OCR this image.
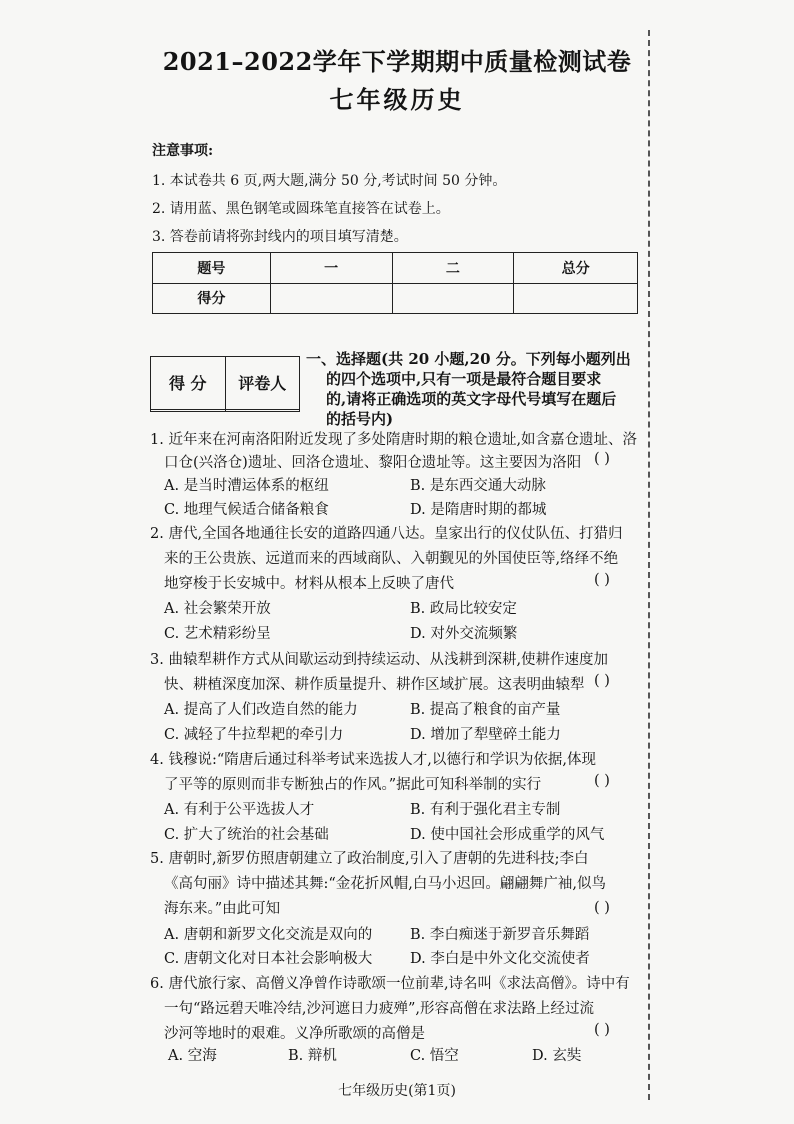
2021–2022学年下学期期中质量检测试卷
七年级历史
注意事项:
1. 本试卷共 6 页,两大题,满分 50 分,考试时间 50 分钟。
2. 请用蓝、黑色钢笔或圆珠笔直接答在试卷上。
3. 答卷前请将弥封线内的项目填写清楚。
题号	一	二	总分
得分			
得 分	评卷人

一、选择题(共 20 小题,20 分。下列每小题列出
的四个选项中,只有一项是最符合题目要求
的,请将正确选项的英文字母代号填写在题后
的括号内)
1. 近年来在河南洛阳附近发现了多处隋唐时期的粮仓遗址,如含嘉仓遗址、洛
口仓(兴洛仓)遗址、回洛仓遗址、黎阳仓遗址等。这主要因为洛阳 ( )
A. 是当时漕运体系的枢纽	B. 是东西交通大动脉
C. 地理气候适合储备粮食	D. 是隋唐时期的都城
2. 唐代,全国各地通往长安的道路四通八达。皇家出行的仪仗队伍、打猎归
来的王公贵族、远道而来的西域商队、入朝觐见的外国使臣等,络绎不绝
地穿梭于长安城中。材料从根本上反映了唐代	( )
A. 社会繁荣开放	B. 政局比较安定
C. 艺术精彩纷呈	D. 对外交流频繁
3. 曲辕犁耕作方式从间歇运动到持续运动、从浅耕到深耕,使耕作速度加
快、耕植深度加深、耕作质量提升、耕作区域扩展。这表明曲辕犁 ( )
A. 提高了人们改造自然的能力	B. 提高了粮食的亩产量
C. 减轻了牛拉犁耙的牵引力	D. 增加了犁壁碎土能力
4. 钱穆说:“隋唐后通过科举考试来选拔人才,以德行和学识为依据,体现
了平等的原则而非专断独占的作风。”据此可知科举制的实行	( )
A. 有利于公平选拔人才	B. 有利于强化君主专制
C. 扩大了统治的社会基础	D. 使中国社会形成重学的风气
5. 唐朝时,新罗仿照唐朝建立了政治制度,引入了唐朝的先进科技;李白
《高句丽》诗中描述其舞:“金花折风帽,白马小迟回。翩翩舞广袖,似鸟
海东来。”由此可知	( )
A. 唐朝和新罗文化交流是双向的	B. 李白痴迷于新罗音乐舞蹈
C. 唐朝文化对日本社会影响极大	D. 李白是中外文化交流使者
6. 唐代旅行家、高僧义净曾作诗歌颂一位前辈,诗名叫《求法高僧》。诗中有
一句“路远碧天唯冷结,沙河遮日力疲殚”,形容高僧在求法路上经过流
沙河等地时的艰难。义净所歌颂的高僧是	( )
A. 空海	B. 辩机	C. 悟空	D. 玄奘
七年级历史(第1页)
